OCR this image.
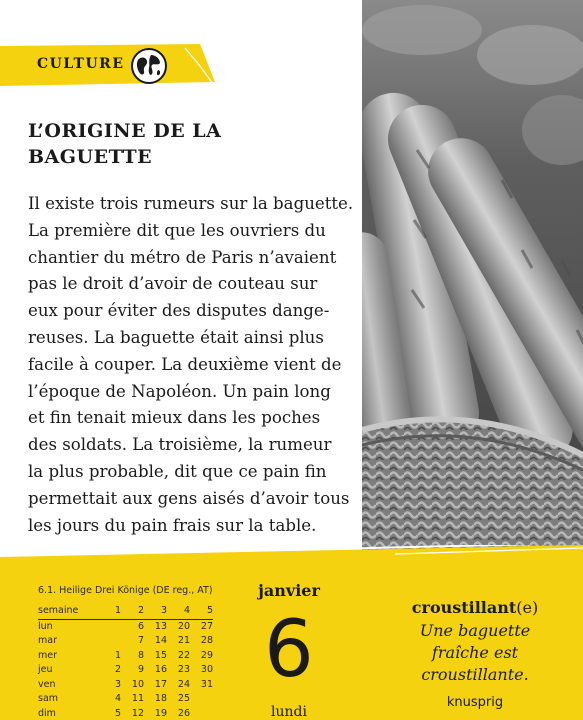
CULTURE
L’ORIGINE DE LA
BAGUETTE
Il existe trois rumeurs sur la baguette.
La première dit que les ouvriers du
chantier du métro de Paris n’avaient
pas le droit d’avoir de couteau sur
eux pour éviter des disputes dange-
reuses. La baguette était ainsi plus
facile à couper. La deuxième vient de
l’époque de Napoléon. Un pain long
et fin tenait mieux dans les poches
des soldats. La troisième, la rumeur
la plus probable, dit que ce pain fin
permettait aux gens aisés d’avoir tous
les jours du pain frais sur la table.
6.1. Heilige Drei Könige (DE reg., AT)
semaine	1	2	3	4	5
lun		6	13	20	27
mar		7	14	21	28
mer	1	8	15	22	29
jeu	2	9	16	23	30
ven	3	10	17	24	31
sam	4	11	18	25	
dim	5	12	19	26	
janvier
6
lundi
croustillant(e)
Une baguette
fraîche est
croustillante.
knusprig
